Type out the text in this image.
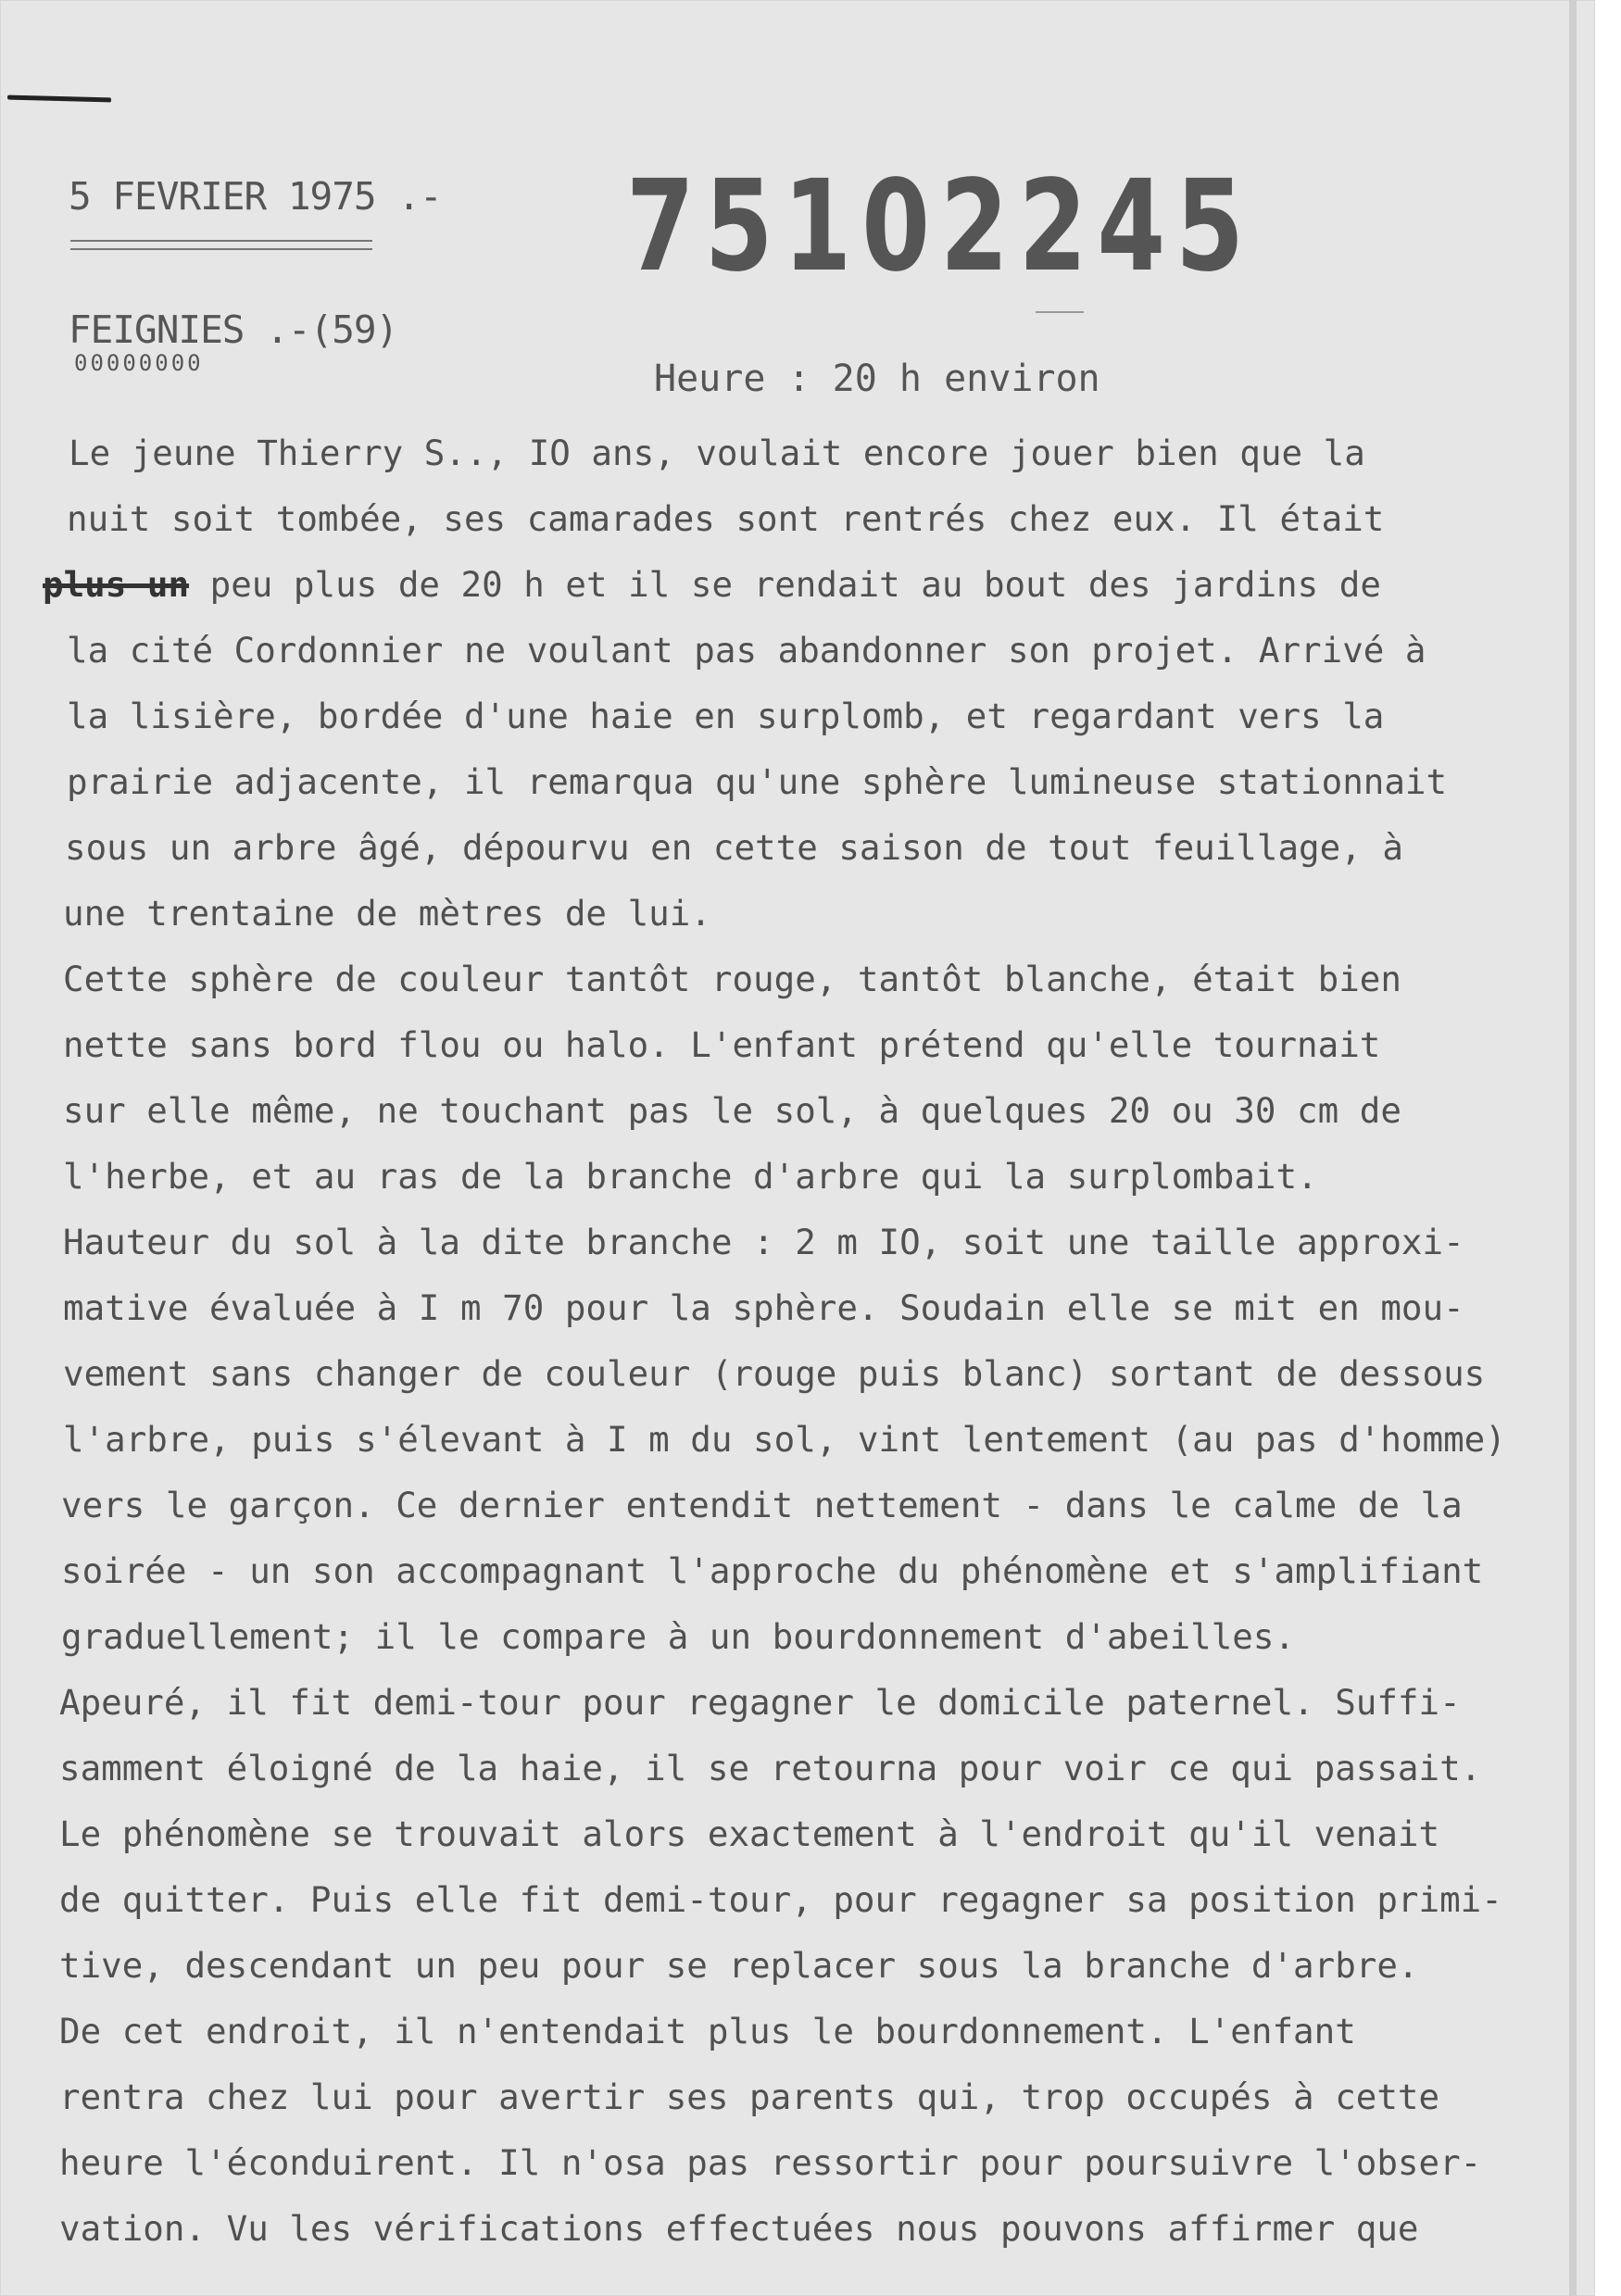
5 FEVRIER 1975 .- 75102245
FEIGNIES .-(59)
00000000	Heure : 20 h environ
Le jeune Thierry S.., IO ans, voulait encore jouer bien que la
nuit soit tombée, ses camarades sont rentrés chez eux. Il était
plus un peu plus de 20 h et il se rendait au bout des jardins de
la cité Cordonnier ne voulant pas abandonner son projet. Arrivé à
la lisière, bordée d'une haie en surplomb, et regardant vers la
prairie adjacente, il remarqua qu'une sphère lumineuse stationnait
sous un arbre âgé, dépourvu en cette saison de tout feuillage, à
une trentaine de mètres de lui.
Cette sphère de couleur tantôt rouge, tantôt blanche, était bien
nette sans bord flou ou halo. L'enfant prétend qu'elle tournait
sur elle même, ne touchant pas le sol, à quelques 20 ou 30 cm de
l'herbe, et au ras de la branche d'arbre qui la surplombait.
Hauteur du sol à la dite branche : 2 m IO, soit une taille approxi-
mative évaluée à I m 70 pour la sphère. Soudain elle se mit en mou-
vement sans changer de couleur (rouge puis blanc) sortant de dessous
l'arbre, puis s'élevant à I m du sol, vint lentement (au pas d'homme)
vers le garçon. Ce dernier entendit nettement - dans le calme de la
soirée - un son accompagnant l'approche du phénomène et s'amplifiant
graduellement; il le compare à un bourdonnement d'abeilles.
Apeuré, il fit demi-tour pour regagner le domicile paternel. Suffi-
samment éloigné de la haie, il se retourna pour voir ce qui passait.
Le phénomène se trouvait alors exactement à l'endroit qu'il venait
de quitter. Puis elle fit demi-tour, pour regagner sa position primi-
tive, descendant un peu pour se replacer sous la branche d'arbre.
De cet endroit, il n'entendait plus le bourdonnement. L'enfant
rentra chez lui pour avertir ses parents qui, trop occupés à cette
heure l'éconduirent. Il n'osa pas ressortir pour poursuivre l'obser-
vation. Vu les vérifications effectuées nous pouvons affirmer que
